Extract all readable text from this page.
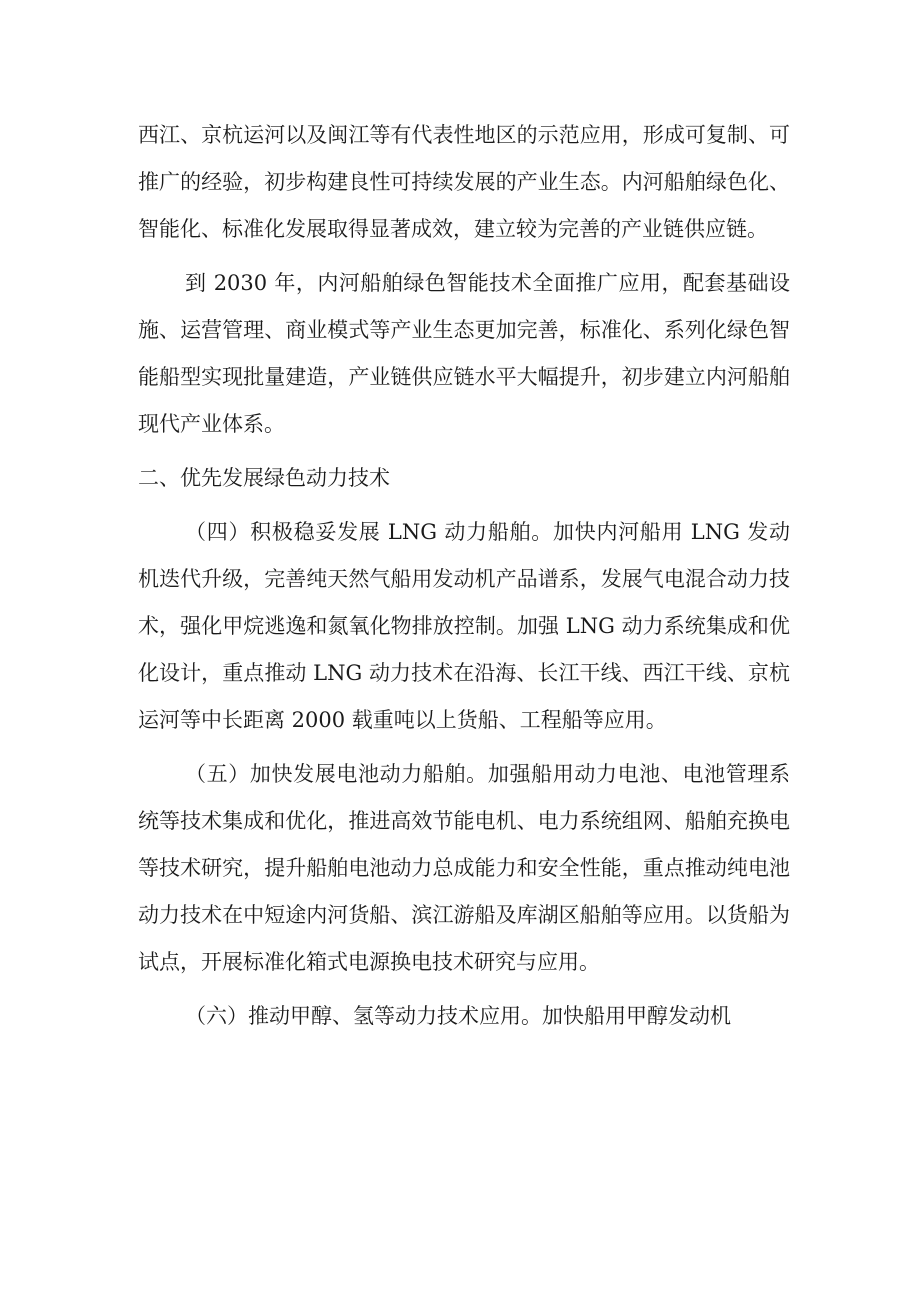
西江、京杭运河以及闽江等有代表性地区的示范应用，形成可复制、可推广的经验，初步构建良性可持续发展的产业生态。内河船舶绿色化、智能化、标准化发展取得显著成效，建立较为完善的产业链供应链。

到 2030 年，内河船舶绿色智能技术全面推广应用，配套基础设施、运营管理、商业模式等产业生态更加完善，标准化、系列化绿色智能船型实现批量建造，产业链供应链水平大幅提升，初步建立内河船舶现代产业体系。

二、优先发展绿色动力技术

（四）积极稳妥发展 LNG 动力船舶。加快内河船用 LNG 发动机迭代升级，完善纯天然气船用发动机产品谱系，发展气电混合动力技术，强化甲烷逃逸和氮氧化物排放控制。加强 LNG 动力系统集成和优化设计，重点推动 LNG 动力技术在沿海、长江干线、西江干线、京杭运河等中长距离 2000 载重吨以上货船、工程船等应用。

（五）加快发展电池动力船舶。加强船用动力电池、电池管理系统等技术集成和优化，推进高效节能电机、电力系统组网、船舶充换电等技术研究，提升船舶电池动力总成能力和安全性能，重点推动纯电池动力技术在中短途内河货船、滨江游船及库湖区船舶等应用。以货船为试点，开展标准化箱式电源换电技术研究与应用。

（六）推动甲醇、氢等动力技术应用。加快船用甲醇发动机
